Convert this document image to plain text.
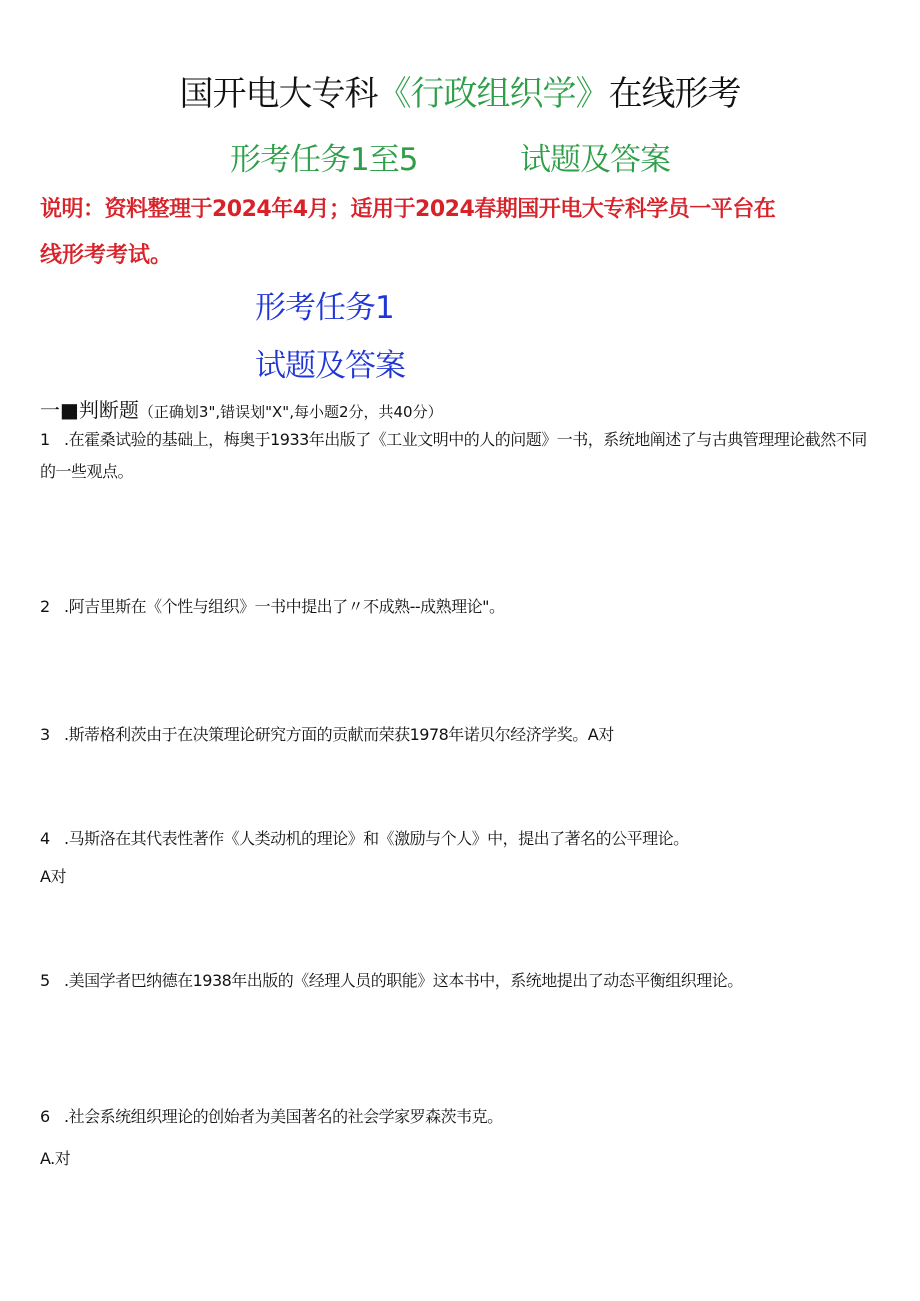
国开电大专科《行政组织学》在线形考
形考任务1至5	试题及答案
说明：资料整理于2024年4月；适用于2024春期国开电大专科学员一平台在
线形考考试。
形考任务1
试题及答案
一■判断题（正确划3",错误划"X",每小题2分，共40分）
1 .在霍桑试验的基础上，梅奥于1933年出版了《工业文明中的人的问题》一书，系统地阐述了与古典管理理论截然不同的一些观点。
2 .阿吉里斯在《个性与组织》一书中提出了〃不成熟--成熟理论"。
3 .斯蒂格利茨由于在决策理论研究方面的贡献而荣获1978年诺贝尔经济学奖。A对
4 .马斯洛在其代表性著作《人类动机的理论》和《激励与个人》中，提出了著名的公平理论。
A对
5 .美国学者巴纳德在1938年出版的《经理人员的职能》这本书中，系统地提出了动态平衡组织理论。
6 .社会系统组织理论的创始者为美国著名的社会学家罗森茨韦克。
A.对
